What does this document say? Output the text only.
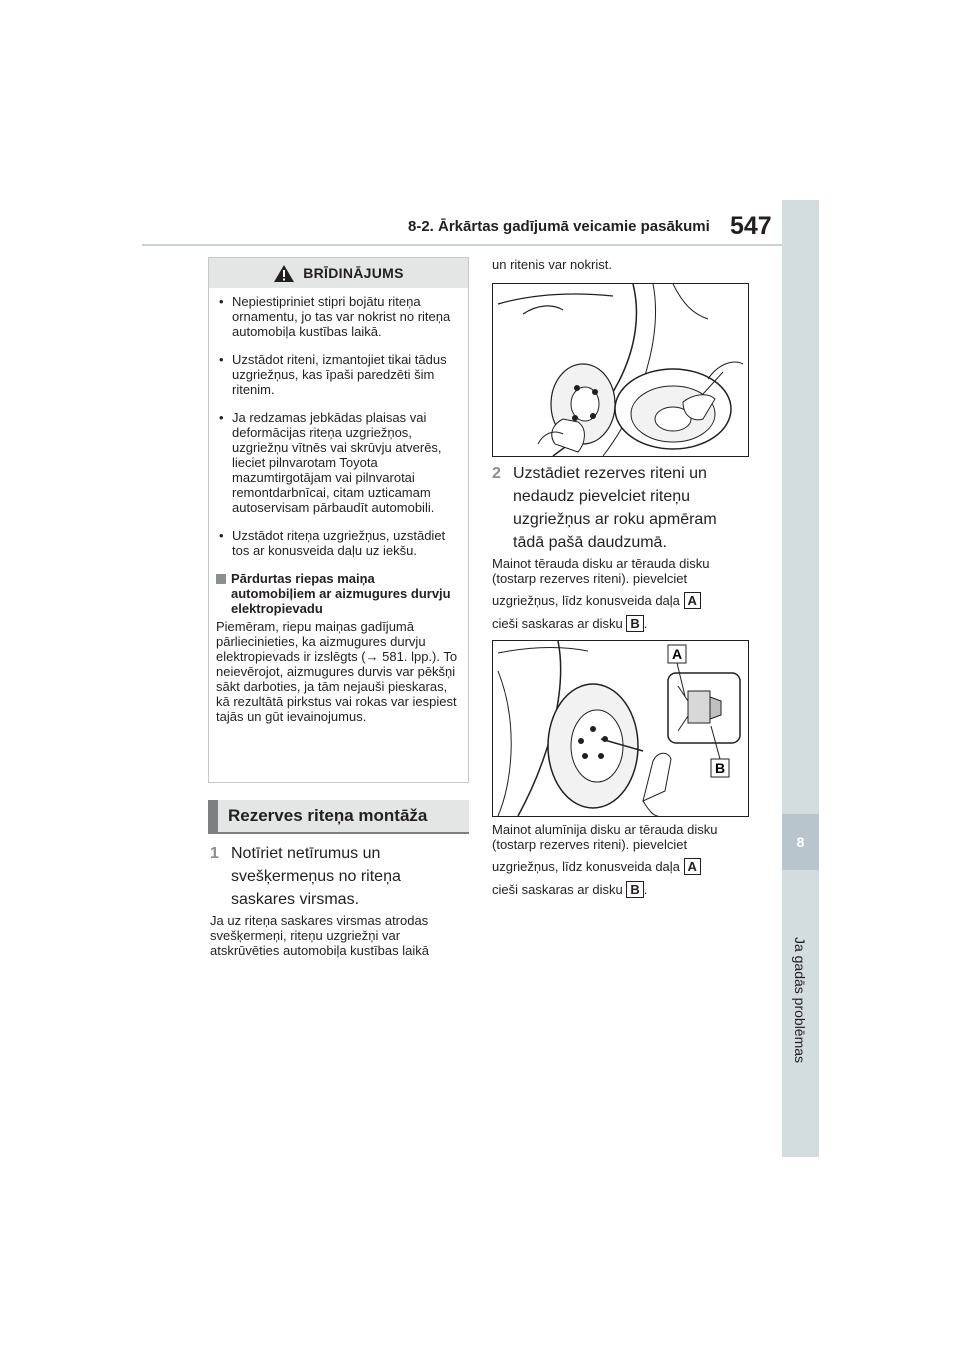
8-2. Ārkārtas gadījumā veicamie pasākumi 547
8
Ja gadās problēmas
BRĪDINĀJUMS
• Nepiestipriniet stipri bojātu riteņa ornamentu, jo tas var nokrist no riteņa automobiļa kustības laikā.
• Uzstādot riteni, izmantojiet tikai tādus uzgriežņus, kas īpaši paredzēti šim ritenim.
• Ja redzamas jebkādas plaisas vai deformācijas riteņa uzgriežņos, uzgriežņu vītnēs vai skrūvju atverēs, lieciet pilnvarotam Toyota mazumtirgotājam vai pilnvarotai remontdarbnīcai, citam uzticamam autoservisam pārbaudīt automobili.
• Uzstādot riteņa uzgriežņus, uzstādiet tos ar konusveida daļu uz iekšu.
Pārdurtas riepas maiņa automobiļiem ar aizmugures durvju elektropievadu
Piemēram, riepu maiņas gadījumā pārliecinieties, ka aizmugures durvju elektropievads ir izslēgts (→ 581. lpp.). To neievērojot, aizmugures durvis var pēkšņi sākt darboties, ja tām nejauši pieskaras, kā rezultātā pirkstus vai rokas var iespiest tajās un gūt ievainojumus.
Rezerves riteņa montāža
1 Notīriet netīrumus un svešķermeņus no riteņa saskares virsmas.
Ja uz riteņa saskares virsmas atrodas svešķermeņi, riteņu uzgriežņi var atskrūvēties automobiļa kustības laikā
un ritenis var nokrist.
2 Uzstādiet rezerves riteni un nedaudz pievelciet riteņu uzgriežņus ar roku apmēram tādā pašā daudzumā.
Mainot tērauda disku ar tērauda disku (tostarp rezerves riteni). pievelciet
uzgriežņus, līdz konusveida daļa A
cieši saskaras ar disku B .
A
B
Mainot alumīnija disku ar tērauda disku (tostarp rezerves riteni). pievelciet
uzgriežņus, līdz konusveida daļa A
cieši saskaras ar disku B .
